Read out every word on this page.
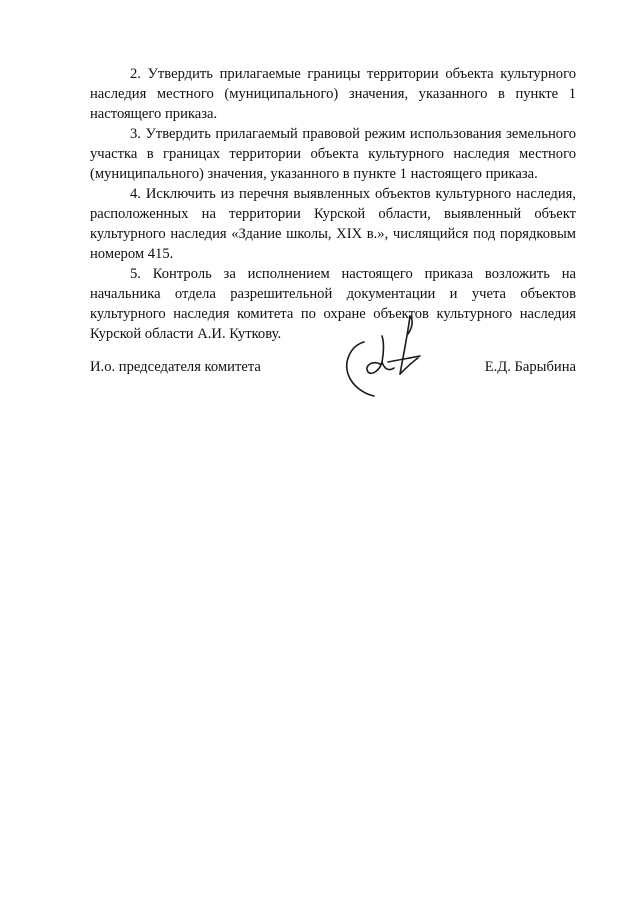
2. Утвердить прилагаемые границы территории объекта культурного наследия местного (муниципального) значения, указанного в пункте 1 настоящего приказа.

3. Утвердить прилагаемый правовой режим использования земельного участка в границах территории объекта культурного наследия местного (муниципального) значения, указанного в пункте 1 настоящего приказа.

4. Исключить из перечня выявленных объектов культурного наследия, расположенных на территории Курской области, выявленный объект культурного наследия «Здание школы, XIX в.», числящийся под порядковым номером 415.

5. Контроль за исполнением настоящего приказа возложить на начальника отдела разрешительной документации и учета объектов культурного наследия комитета по охране объектов культурного наследия Курской области А.И. Куткову.

И.о. председателя комитета	Е.Д. Барыбина
